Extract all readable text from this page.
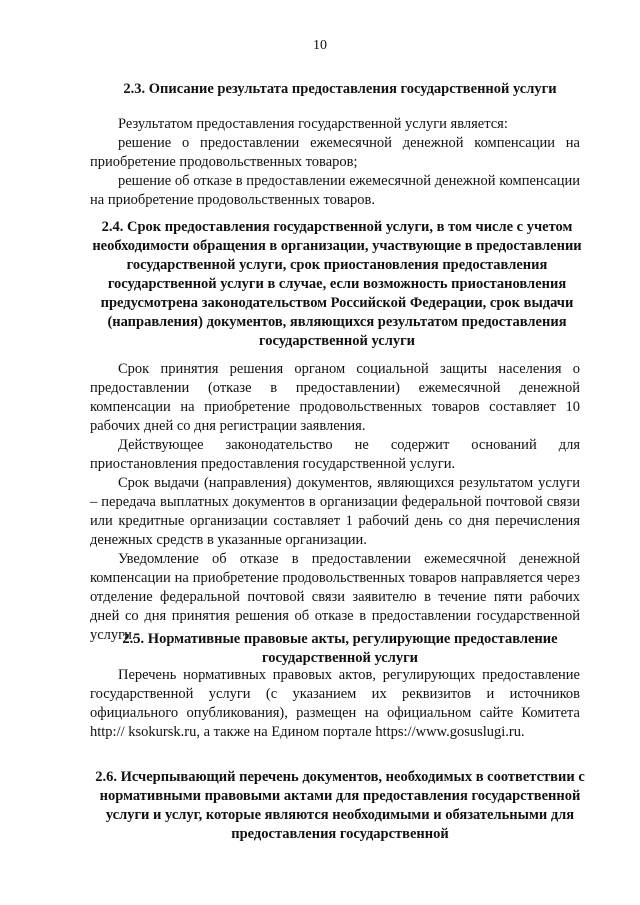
10
2.3. Описание результата предоставления государственной услуги

Результатом предоставления государственной услуги является:

решение о предоставлении ежемесячной денежной компенсации на приобретение продовольственных товаров;

решение об отказе в предоставлении ежемесячной денежной компенсации на приобретение продовольственных товаров.

2.4. Срок предоставления государственной услуги, в том числе с учетом необходимости обращения в организации, участвующие в предоставлении государственной услуги, срок приостановления предоставления государственной услуги в случае, если возможность приостановления предусмотрена законодательством Российской Федерации, срок выдачи (направления) документов, являющихся результатом предоставления государственной услуги

Срок принятия решения органом социальной защиты населения о предоставлении (отказе в предоставлении) ежемесячной денежной компенсации на приобретение продовольственных товаров составляет 10 рабочих дней со дня регистрации заявления.

Действующее законодательство не содержит оснований для приостановления предоставления государственной услуги.

Срок выдачи (направления) документов, являющихся результатом услуги – передача выплатных документов в организации федеральной почтовой связи или кредитные организации составляет 1 рабочий день со дня перечисления денежных средств в указанные организации.

Уведомление об отказе в предоставлении ежемесячной денежной компенсации на приобретение продовольственных товаров направляется через отделение федеральной почтовой связи заявителю в течение пяти рабочих дней со дня принятия решения об отказе в предоставлении государственной услуги.

2.5. Нормативные правовые акты, регулирующие предоставление государственной услуги

Перечень нормативных правовых актов, регулирующих предоставление государственной услуги (с указанием их реквизитов и источников официального опубликования), размещен на официальном сайте Комитета http:// ksokursk.ru, а также на Едином портале https://www.gosuslugi.ru.

2.6. Исчерпывающий перечень документов, необходимых в соответствии с нормативными правовыми актами для предоставления государственной услуги и услуг, которые являются необходимыми и обязательными для предоставления государственной
